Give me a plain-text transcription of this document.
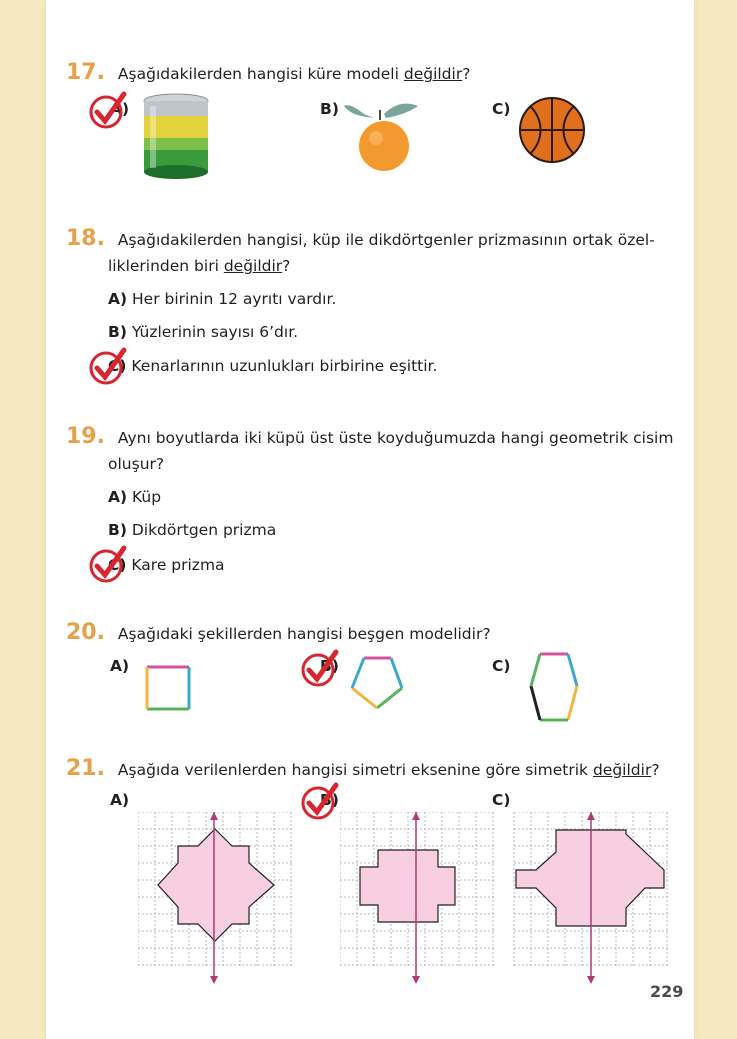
17. Aşağıdakilerden hangisi küre modeli değildir?
A)	B)	C)
18. Aşağıdakilerden hangisi, küp ile dikdörtgenler prizmasının ortak özel-
liklerinden biri değildir?
A) Her birinin 12 ayrıtı vardır.
B) Yüzlerinin sayısı 6’dır.
C) Kenarlarının uzunlukları birbirine eşittir.
19. Aynı boyutlarda iki küpü üst üste koyduğumuzda hangi geometrik cisim
oluşur?
A) Küp
B) Dikdörtgen prizma
C) Kare prizma
20. Aşağıdaki şekillerden hangisi beşgen modelidir?
A)	B)	C)
21. Aşağıda verilenlerden hangisi simetri eksenine göre simetrik değildir?
A)	B)	C)
229
